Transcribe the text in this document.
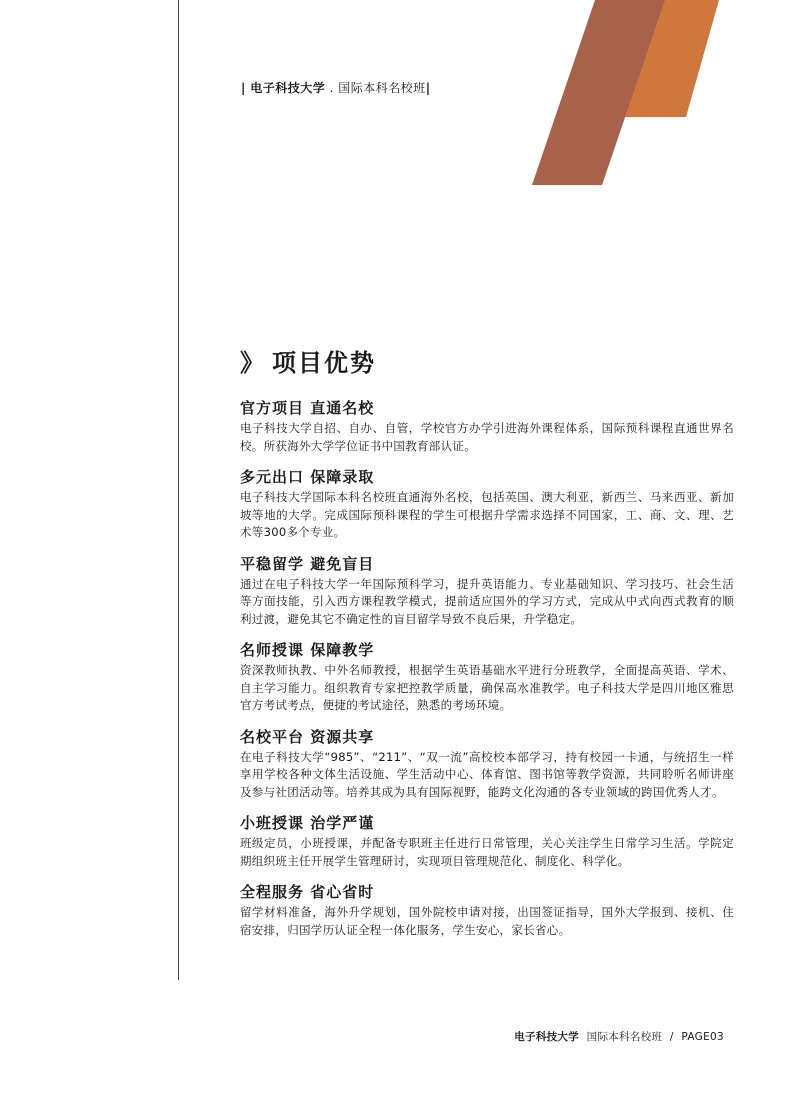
| 电子科技大学 . 国际本科名校班|
》 项目优势
官方项目 直通名校

电子科技大学自招、自办、自管，学校官方办学引进海外课程体系，国际预科课程直通世界名校。所获海外大学学位证书中国教育部认证。

多元出口 保障录取

电子科技大学国际本科名校班直通海外名校，包括英国、澳大利亚，新西兰、马来西亚、新加坡等地的大学。完成国际预科课程的学生可根据升学需求选择不同国家，工、商、文、理、艺术等300多个专业。

平稳留学 避免盲目

通过在电子科技大学一年国际预科学习，提升英语能力、专业基础知识、学习技巧、社会生活等方面技能，引入西方课程教学模式，提前适应国外的学习方式，完成从中式向西式教育的顺利过渡，避免其它不确定性的盲目留学导致不良后果，升学稳定。

名师授课 保障教学

资深教师执教、中外名师教授，根据学生英语基础水平进行分班教学，全面提高英语、学术、自主学习能力。组织教育专家把控教学质量，确保高水准教学。电子科技大学是四川地区雅思官方考试考点，便捷的考试途径，熟悉的考场环境。

名校平台 资源共享

在电子科技大学“985”、“211”、“双一流”高校校本部学习，持有校园一卡通，与统招生一样享用学校各种文体生活设施、学生活动中心、体育馆、图书馆等教学资源，共同聆听名师讲座及参与社团活动等。培养其成为具有国际视野，能跨文化沟通的各专业领域的跨国优秀人才。

小班授课 治学严谨

班级定员，小班授课，并配备专职班主任进行日常管理，关心关注学生日常学习生活。学院定期组织班主任开展学生管理研讨，实现项目管理规范化、制度化、科学化。

全程服务 省心省时

留学材料准备，海外升学规划，国外院校申请对接，出国签证指导，国外大学报到、接机、住宿安排，归国学历认证全程一体化服务，学生安心，家长省心。

电子科技大学 国际本科名校班 / PAGE03
